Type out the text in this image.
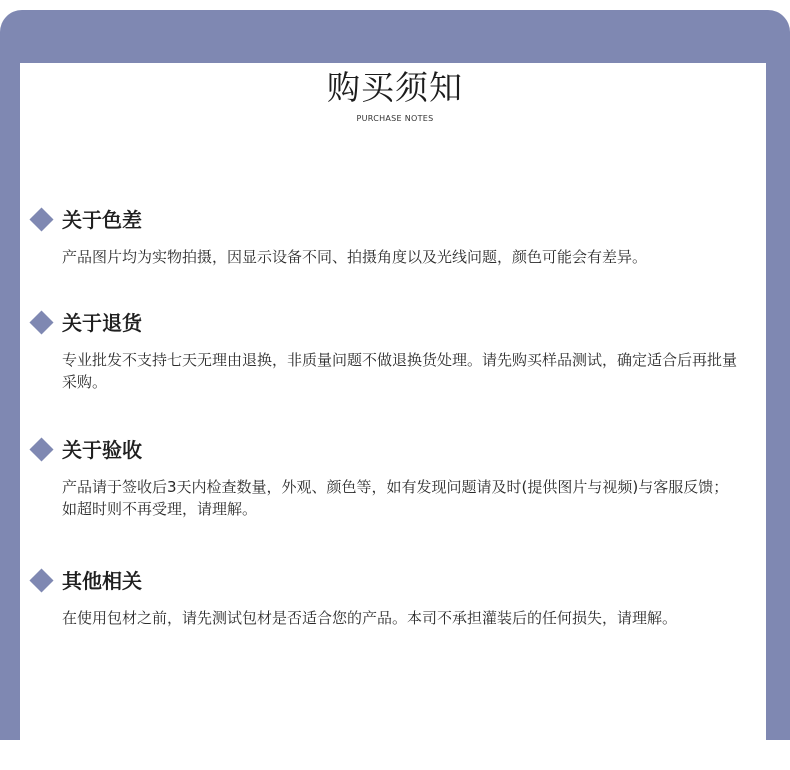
购买须知
PURCHASE NOTES
关于色差
产品图片均为实物拍摄，因显示设备不同、拍摄角度以及光线问题，颜色可能会有差异。
关于退货
专业批发不支持七天无理由退换，非质量问题不做退换货处理。请先购买样品测试，确定适合后再批量采购。
关于验收
产品请于签收后3天内检查数量，外观、颜色等，如有发现问题请及时(提供图片与视频)与客服反馈；如超时则不再受理，请理解。
其他相关
在使用包材之前，请先测试包材是否适合您的产品。本司不承担灌装后的任何损失，请理解。
